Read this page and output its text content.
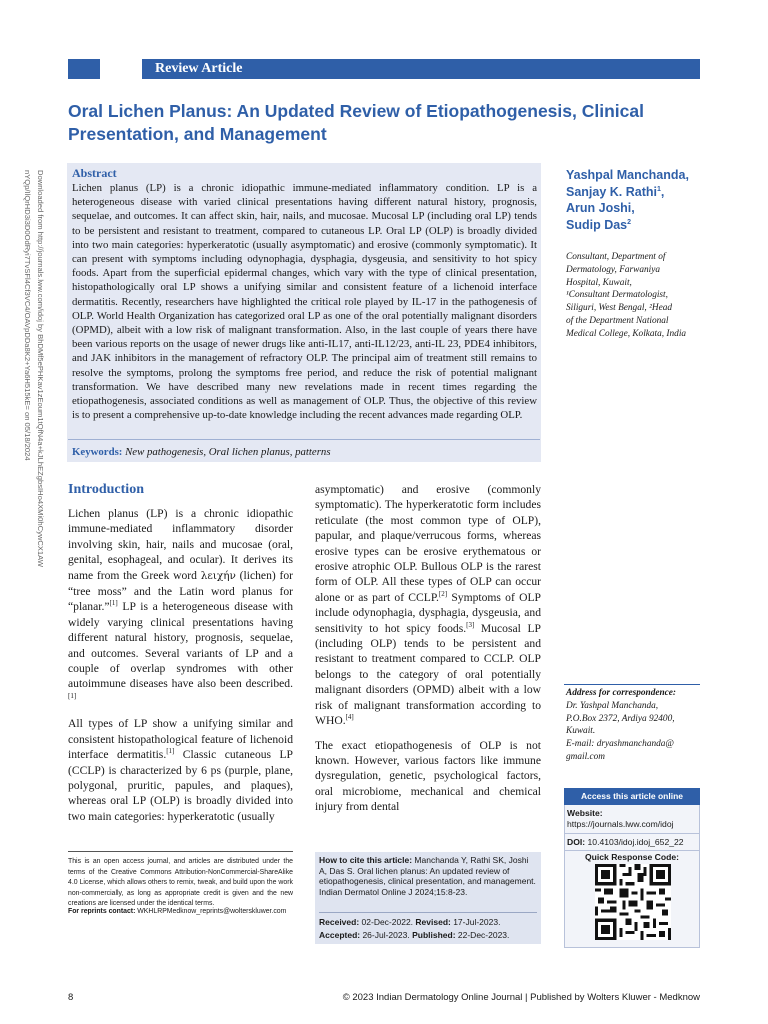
Review Article
Oral Lichen Planus: An Updated Review of Etiopathogenesis, Clinical Presentation, and Management
Abstract
Lichen planus (LP) is a chronic idiopathic immune-mediated inflammatory condition. LP is a heterogeneous disease with varied clinical presentations having different natural history, prognosis, sequelae, and outcomes. It can affect skin, hair, nails, and mucosae. Mucosal LP (including oral LP) tends to be persistent and resistant to treatment, compared to cutaneous LP. Oral LP (OLP) is broadly divided into two main categories: hyperkeratotic (usually asymptomatic) and erosive (commonly symptomatic). It can present with symptoms including odynophagia, dysphagia, dysgeusia, and sensitivity to hot spicy foods. Apart from the superficial epidermal changes, which vary with the type of clinical presentation, histopathologically oral LP shows a unifying similar and consistent feature of a lichenoid interface dermatitis. Recently, researchers have highlighted the critical role played by IL-17 in the pathogenesis of OLP. World Health Organization has categorized oral LP as one of the oral potentially malignant disorders (OPMD), albeit with a low risk of malignant transformation. Also, in the last couple of years there have been various reports on the usage of newer drugs like anti-IL17, anti-IL12/23, anti-IL 23, PDE4 inhibitors, and JAK inhibitors in the management of refractory OLP. The principal aim of treatment still remains to resolve the symptoms, prolong the symptoms free period, and reduce the risk of potential malignant transformation. We have described many new revelations made in recent times regarding the etiopathogenesis, associated conditions as well as management of OLP. Thus, the objective of this review is to present a comprehensive up-to-date knowledge including the recent advances made regarding OLP.
Keywords: New pathogenesis, Oral lichen planus, patterns
Yashpal Manchanda,
Sanjay K. Rathi$^1$,
Arun Joshi,
Sudip Das$^2$
Consultant, Department of
Dermatology, Farwaniya
Hospital, Kuwait,
¹Consultant Dermatologist,
Siliguri, West Bengal, ²Head
of the Department National
Medical College, Kolkata, India
Address for correspondence:
Dr. Yashpal Manchanda,
P.O.Box 2372, Ardiya 92400,
Kuwait.
E-mail: dryashmanchanda@
gmail.com
Introduction

Lichen planus (LP) is a chronic idiopathic immune-mediated inflammatory disorder involving skin, hair, nails and mucosae (oral, genital, esophageal, and ocular). It derives its name from the Greek word λειχήν (lichen) for “tree moss” and the Latin word planus for “planar.”[1] LP is a heterogeneous disease with widely varying clinical presentations having different natural history, prognosis, sequelae, and outcomes. Several variants of LP and a couple of overlap syndromes with other autoimmune diseases have also been described.[1]

All types of LP show a unifying similar and consistent histopathological feature of lichenoid interface dermatitis.[1] Classic cutaneous LP (CCLP) is characterized by 6 ps (purple, plane, polygonal, pruritic, papules, and plaques), whereas oral LP (OLP) is broadly divided into two main categories: hyperkeratotic (usually

asymptomatic) and erosive (commonly symptomatic). The hyperkeratotic form includes reticulate (the most common type of OLP), papular, and plaque/verrucous forms, whereas erosive types can be erosive erythematous or erosive atrophic OLP. Bullous OLP is the rarest form of OLP. All these types of OLP can occur alone or as part of CCLP.[2] Symptoms of OLP include odynophagia, dysphagia, dysgeusia, and sensitivity to hot spicy foods.[3] Mucosal LP (including OLP) tends to be persistent and resistant to treatment compared to CCLP. OLP belongs to the category of oral potentially malignant disorders (OPMD) albeit with a low risk of malignant transformation according to WHO.[4]

The exact etiopathogenesis of OLP is not known. However, various factors like immune dysregulation, genetic, psychological factors, oral microbiome, mechanical and chemical injury from dental

This is an open access journal, and articles are distributed under the terms of the Creative Commons Attribution-NonCommercial-ShareAlike 4.0 License, which allows others to remix, tweak, and build upon the work non-commercially, as long as appropriate credit is given and the new creations are licensed under the identical terms.
For reprints contact: WKHLRPMedknow_reprints@wolterskluwer.com
How to cite this article: Manchanda Y, Rathi SK, Joshi A, Das S. Oral lichen planus: An updated review of etiopathogenesis, clinical presentation, and management. Indian Dermatol Online J 2024;15:8-23.
Received: 02-Dec-2022. Revised: 17-Jul-2023.
Accepted: 26-Jul-2023. Published: 22-Dec-2023.
Access this article online
Website: https://journals.lww.com/idoj
DOI: 10.4103/idoj.idoj_652_22
Quick Response Code:
Downloaded from http://journals.lww.com/idoj by BhDMf5ePHKav1zEoum1tQfN4a+kJLhEZgbsIHo4XMi0hCywCX1AW
nYQp/IlQrHD3i3D0OdRyi7TvSFl4Cf3VC4/OAVpDDa8K2+Ya6H515kE= on 05/18/2024
8	© 2023 Indian Dermatology Online Journal | Published by Wolters Kluwer - Medknow
